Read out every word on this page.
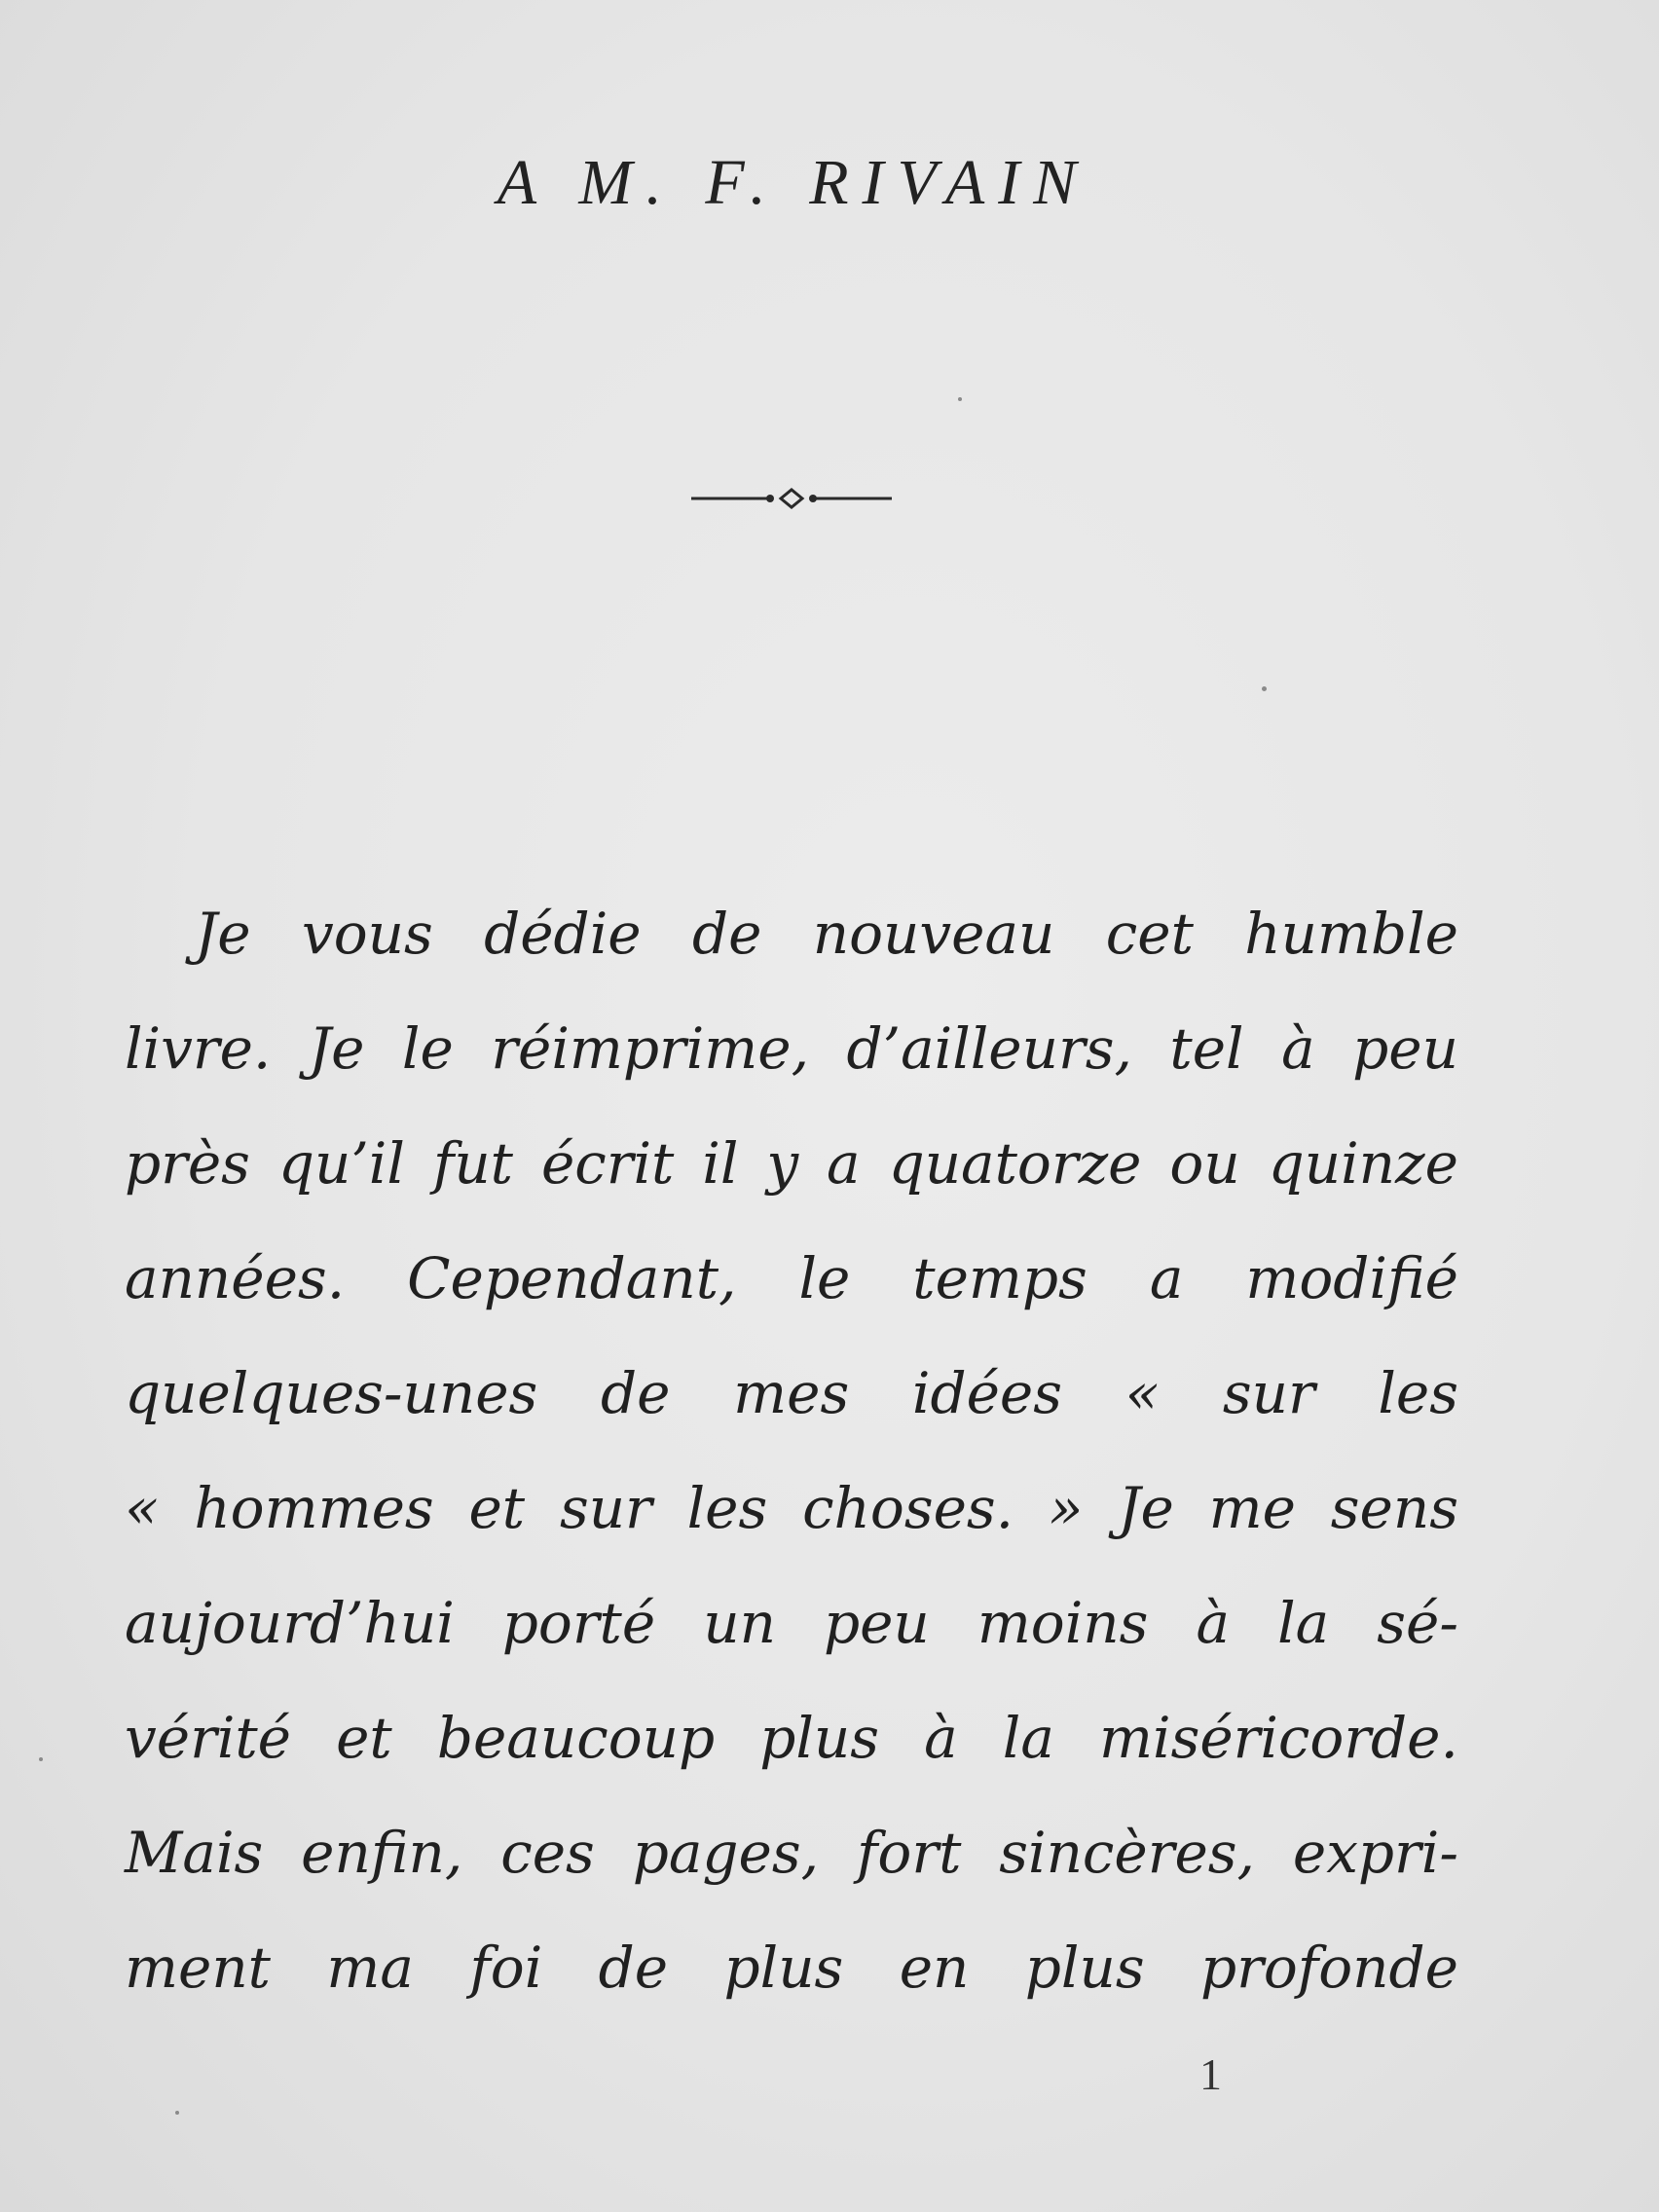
A M. F. RIVAIN
Je vous dédie de nouveau cet humble
livre. Je le réimprime, d’ailleurs, tel à peu
près qu’il fut écrit il y a quatorze ou quinze
années. Cependant, le temps a modifié
quelques-unes de mes idées « sur les
« hommes et sur les choses. » Je me sens
aujourd’hui porté un peu moins à la sé-
vérité et beaucoup plus à la miséricorde.
Mais enfin, ces pages, fort sincères, expri-
ment ma foi de plus en plus profonde
1
